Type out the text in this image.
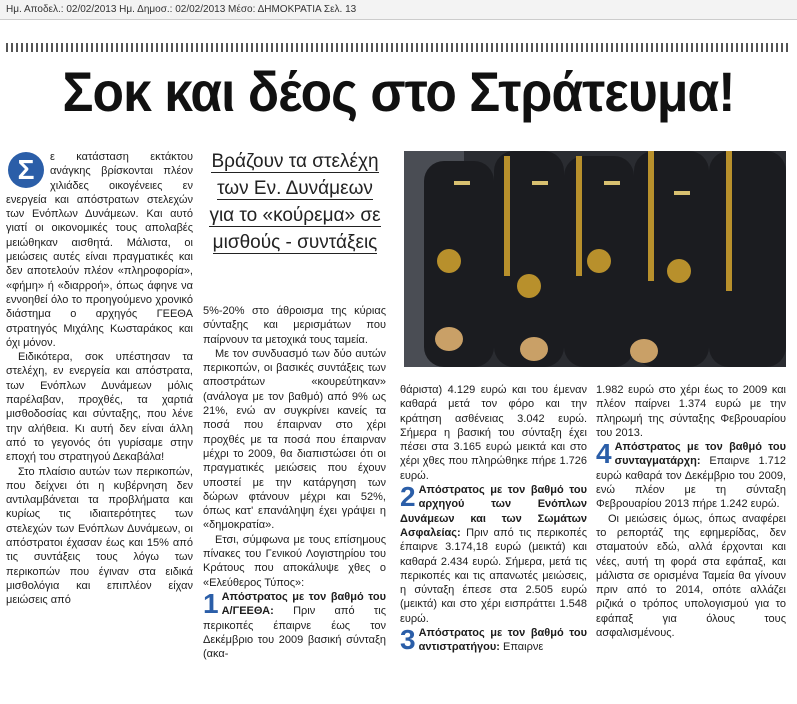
Ημ. Αποδελ.: 02/02/2013 Ημ. Δημοσ.: 02/02/2013 Μέσο: ΔΗΜΟΚΡΑΤΙΑ Σελ. 13
Σοκ και δέος στο Στράτευμα!

Σ	ε κατάσταση εκτάκτου ανάγκης βρίσκονται πλέον χιλιάδες οικογένειες εν ενεργεία και απόστρατων στελεχών των Ενόπλων Δυνάμεων. Και αυτό γιατί οι οικονομικές τους απολαβές μειώθηκαν αισθητά. Μάλιστα, οι μειώσεις αυτές είναι πραγματικές και δεν αποτελούν πλέον «πληροφορία», «φήμη» ή «διαρροή», όπως άφηνε να εννοηθεί όλο το προηγούμενο χρονικό διάστημα ο αρχηγός ΓΕΕΘΑ στρατηγός Μιχάλης Κωσταράκος και όχι μόνον.

Ειδικότερα, σοκ υπέστησαν τα στελέχη, εν ενεργεία και απόστρατα, των Ενόπλων Δυνάμεων μόλις παρέλαβαν, προχθές, τα χαρτιά μισθοδοσίας και σύνταξης, που λένε την αλήθεια. Κι αυτή δεν είναι άλλη από το γεγονός ότι γυρίσαμε στην εποχή του στρατηγού Δεκαβάλα!

Στο πλαίσιο αυτών των περικοπών, που δείχνει ότι η κυβέρνηση δεν αντιλαμβάνεται τα προβλήματα και κυρίως τις ιδιαιτερότητες των στελεχών των Ενόπλων Δυνάμεων, οι απόστρατοι έχασαν έως και 15% από τις συντάξεις τους λόγω των περικοπών που έγιναν στα ειδικά μισθολόγια και επιπλέον είχαν μειώσεις από

Βράζουν τα στελέχη
των Εν. Δυνάμεων
για το «κούρεμα» σε
μισθούς - συντάξεις

5%-20% στο άθροισμα της κύριας σύνταξης και μερισμάτων που παίρνουν τα μετοχικά τους ταμεία.

Με τον συνδυασμό των δύο αυτών περικοπών, οι βασικές συντάξεις των αποστράτων «κουρεύτηκαν» (ανάλογα με τον βαθμό) από 9% ως 21%, ενώ αν συγκρίνει κανείς τα ποσά που έπαιρναν στο χέρι προχθές με τα ποσά που έπαιρναν μέχρι το 2009, θα διαπιστώσει ότι οι πραγματικές μειώσεις που έχουν υποστεί με την κατάργηση των δώρων φτάνουν μέχρι και 52%, όπως κατ' επανάληψη έχει γράψει η «δημοκρατία».

Ετσι, σύμφωνα με τους επίσημους πίνακες του Γενικού Λογιστηρίου του Κράτους που αποκάλυψε χθες ο «Ελεύθερος Τύπος»:

1 Απόστρατος με τον βαθμό του Α/ΓΕΕΘΑ: Πριν από τις περικοπές έπαιρνε έως τον Δεκέμβριο του 2009 βασική σύνταξη (ακα-

θάριστα) 4.129 ευρώ και του έμεναν καθαρά μετά τον φόρο και την κράτηση ασθένειας 3.042 ευρώ. Σήμερα η βασική του σύνταξη έχει πέσει στα 3.165 ευρώ μεικτά και στο χέρι χθες που πληρώθηκε πήρε 1.726 ευρώ.

2 Απόστρατος με τον βαθμό του αρχηγού των Ενόπλων Δυνάμεων και των Σωμάτων Ασφαλείας: Πριν από τις περικοπές έπαιρνε 3.174,18 ευρώ (μεικτά) και καθαρά 2.434 ευρώ. Σήμερα, μετά τις περικοπές και τις απανωτές μειώσεις, η σύνταξη έπεσε στα 2.505 ευρώ (μεικτά) και στο χέρι εισπράττει 1.548 ευρώ.

3 Απόστρατος με τον βαθμό του αντιστρατήγου: Επαιρνε

1.982 ευρώ στο χέρι έως το 2009 και πλέον παίρνει 1.374 ευρώ με την πληρωμή της σύνταξης Φεβρουαρίου του 2013.

4 Απόστρατος με τον βαθμό του συνταγματάρχη: Επαιρνε 1.712 ευρώ καθαρά τον Δεκέμβριο του 2009, ενώ πλέον με τη σύνταξη Φεβρουαρίου 2013 πήρε 1.242 ευρώ.

Οι μειώσεις όμως, όπως αναφέρει το ρεπορτάζ της εφημερίδας, δεν σταματούν εδώ, αλλά έρχονται και νέες, αυτή τη φορά στα εφάπαξ, και μάλιστα σε ορισμένα Ταμεία θα γίνουν πριν από το 2014, οπότε αλλάζει ριζικά ο τρόπος υπολογισμού για το εφάπαξ για όλους τους ασφαλισμένους.
